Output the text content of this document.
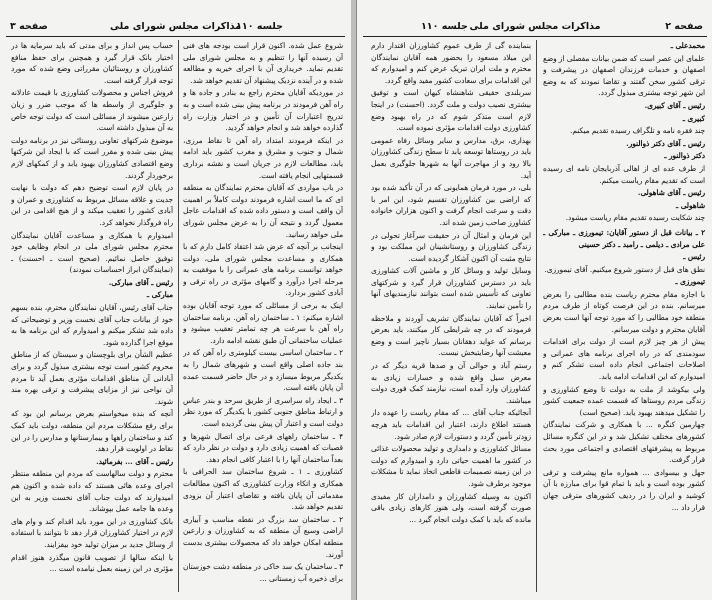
صفحه ۳	مذاکرات مجلس شورای ملی
جلسه ۱۱۰

شروع عمل شده. اکنون قرار است بودجه های فنی آن رسیده آنها را تنظیم و به مجلس شورای ملی تقدیم نماید. خریداری آن با اجرای خیریه و مطالعه شده و در آینده نزدیک پیشنهاد آن تقدیم خواهد شد.

در موردیکه آقایان محترم راجع به بنادر و جاده ها و راه آهن فرمودند در برنامه پیش بینی شده است و به تدریج اعتبارات آن تأمین و در اختیار وزارت راه گذارده خواهد شد و انجام خواهد گردید.

در اینکه فرمودند امتداد راه آهن تا نقاط مرزی، شمال و جنوب و مشرق و مغرب کشور باید ادامه یابد، مطالعات لازم در جریان است و نقشه برداری قسمتهایی انجام یافته است.

در باب مواردی که آقایان محترم نمایندگان به منطقه ای که ما است اشاره فرمودند دولت کاملاً بر اهمیت آن واقف است و دستور داده شده که اقدامات عاجل معمول گردد و نتیجه آن را به عرض مجلس شورای ملی خواهد رسانید.

اینجانب بر آنچه که عرض شد اعتقاد کامل دارم که با همکاری و مساعدت مجلس شورای ملی، دولت خواهد توانست برنامه های عمرانی را با موفقیت به مرحله اجرا درآورد و گامهای مؤثری در راه ترقی و آبادی کشور بردارد.

اینک به برخی از مسائلی که مورد توجه آقایان بوده اشاره میکنم: ۱ ـ ساختمان راه آهن. برنامه ساختمان راه آهن با سرعت هر چه تمامتر تعقیب میشود و عملیات ساختمانی آن طبق نقشه ادامه دارد.

۲ ـ ساختمان اساسی بیست کیلومتری راه آهن که در بند جاده اصلی واقع است و شهرهای شمال را به یکدیگر مربوط میسازد و در حال حاضر قسمت عمده آن پایان یافته است.

۳ ـ ایجاد راه سراسری از طریق سرحد و بندر عباس و ارتباط مناطق جنوبی کشور با یکدیگر که مورد نظر دولت است و اعتبار آن پیش بینی گردیده است.

۴ ـ ساختمان راههای فرعی برای اتصال شهرها و قصبات که اهمیت زیادی دارد و دولت در نظر دارد که بعداً ساختمان آنها را با اعتبار کافی انجام دهد.

کشاورزی ـ ۱ ـ شروع ساختمان سد الحرافی با همکاری و اتکاء وزارت کشاورزی که اکنون مطالعات مقدماتی آن پایان یافته و تقاضای اعتبار آن بزودی تقدیم خواهد شد.

۲ ـ ساختمان سد بزرگ در نقطه مناسب و آبیاری اراضی وسیع آن منطقه که به کشاورزان و زارعین منطقه امکان خواهد داد که محصولات بیشتری بدست آورند.

۳ ـ ساختمان یک سد خاکی در منطقه دشت خوزستان برای ذخیره آب زمستانی ...

حساب پس انداز و برای مدتی که باید سرمایه ها در اختیار بانک قرار گیرد و همچنین برای حفظ منافع کشاورزان و روستائیان مقرراتی وضع شده که مورد توجه قرار گرفته است.

فروش اجناس و محصولات کشاورزی با قیمت عادلانه و جلوگیری از واسطه ها که موجب ضرر و زیان زارعین میشوند از مسائلی است که دولت توجه خاص به آن مبذول داشته است.

موضوع شرکتهای تعاونی روستائی نیز در برنامه دولت پیش بینی شده و مقرر است که با ایجاد این شرکتها وضع اقتصادی کشاورزان بهبود یابد و از کمکهای لازم برخوردار گردند.

در پایان لازم است توضیح دهم که دولت با نهایت جدیت و علاقه مسائل مربوط به کشاورزی و عمران و آبادی کشور را تعقیب میکند و از هیچ اقدامی در این راه فروگذار نخواهد کرد.

امیدوارم با همکاری و مساعدت آقایان نمایندگان محترم مجلس شورای ملی در انجام وظایف خود توفیق حاصل نمائیم. (صحیح است ـ احسنت) ـ (نمایندگان ابراز احساسات نمودند)

رئیس ـ آقای مبارکی.

مبارکی ـ

جناب آقای رئیس، آقایان نمایندگان محترم، بنده بسهم خود از بیانات جناب آقای نخست وزیر و توضیحاتی که داده شد تشکر میکنم و امیدوارم که این برنامه ها به موقع اجرا گذارده شود.

عظیم الشأن برای بلوچستان و سیستان که از مناطق محروم کشور است توجه بیشتری مبذول گردد و برای آبادانی آن مناطق اقدامات مؤثری بعمل آید تا مردم آن نواحی نیز از مزایای پیشرفت و ترقی بهره مند شوند.

آنچه که بنده میخواستم بعرض برسانم این بود که برای رفع مشکلات مردم این منطقه، دولت باید کمک کند و ساختمان راهها و بیمارستانها و مدارس را در این نقاط در اولویت قرار دهد.

رئیس ـ آقای ... بفرمائید.

محترم و دولت سالهاست که مردم این منطقه منتظر اجرای وعده هائی هستند که داده شده و اکنون هم امیدوارند که دولت جناب آقای نخست وزیر به این وعده ها جامه عمل بپوشاند.

بانک کشاورزی در این مورد باید اقدام کند و وام های لازم در اختیار کشاورزان قرار دهد تا بتوانند با استفاده از وسائل جدید بر میزان تولید خود بیفزایند.

با اینکه سالها از تصویب قانون میگذرد هنوز اقدام مؤثری در این زمینه بعمل نیامده است ...

صفحه ۲
مذاکرات مجلس شورای ملی
جلسه ۱۱۰

محمدعلی ـ

علمای این عصر است که ضمن بیانات مفصلی از وضع اصفهان و خدمات فرزندان اصفهان در پیشرفت و ترقی کشور سخن گفتند و تقاضا نمودند که به وضع این شهر توجه بیشتری مبذول گردد.

رئیس ـ آقای کبیری.

کبیری ـ

چند فقره نامه و تلگراف رسیده تقدیم میکنم.

رئیس ـ آقای دکتر ذوالنور.

دکتر ذوالنور ـ

از طرف عده ای از اهالی آذربایجان نامه ای رسیده است که تقدیم مقام ریاست میکنم.

رئیس ـ آقای شاهولی.

شاهولی ـ

چند شکایت رسیده تقدیم مقام ریاست میشود.

۲ ـ بیانات قبل از دستور آقایان: تیمورزی ـ مبارکی ـ علی مرادی ـ دیلمی ـ رامبد ـ دکتر حسینی

رئیس ـ

نطق های قبل از دستور شروع میکنیم. آقای تیمورزی.

تیمورزی ـ

با اجازه مقام محترم ریاست بنده مطالبی را بعرض میرسانم. بنده در این فرصت کوتاه از طرف مردم منطقه خود مطالبی را که مورد توجه آنها است بعرض آقایان محترم و دولت میرسانم.

پیش از هر چیز لازم است از دولت برای اقدامات سودمندی که در راه اجرای برنامه های عمرانی و اصلاحات اجتماعی انجام داده است تشکر کنم و امیدوارم که این اقدامات ادامه یابد.

ولی بیکوشد از ملت به دولت تا وضع کشاورزی و زندگی مردم روستاها که قسمت عمده جمعیت کشور را تشکیل میدهند بهبود یابد. (صحیح است)

چهارمین کنگره ... با همکاری و شرکت نمایندگان کشورهای مختلف تشکیل شد و در این کنگره مسائل مربوط به پیشرفتهای اقتصادی و اجتماعی مورد بحث قرار گرفت.

جهل و بیسوادی ... همواره مانع پیشرفت و ترقی کشور بوده است و باید با تمام قوا برای مبارزه با آن کوشید و ایران را در ردیف کشورهای مترقی جهان قرار داد ...

بنماینده گی از طرف عموم کشاورزان اقتدار دارم این میلاد مسعود را بحضور همه آقایان نمایندگان محترم و ملت ایران تبریک عرض کنم و امیدوارم که این اقدامات برای سعادت کشور مفید واقع گردد.

سربلندی حقیقی شاهنشاه کیهان است و توفیق بیشتری نصیب دولت و ملت گردد. (احسنت) در اینجا لازم است متذکر شوم که در راه بهبود وضع کشاورزی دولت اقدامات مؤثری نموده است.

بهداری، برق، مدارس و سایر وسائل رفاه عمومی باید در روستاها توسعه یابد تا سطح زندگی کشاورزان بالا رود و از مهاجرت آنها به شهرها جلوگیری بعمل آید.

بلی، در مورد فرمان همایونی که در آن تأکید شده بود که اراضی بین کشاورزان تقسیم شود، این امر با دقت و سرعت انجام گرفت و اکنون هزاران خانواده کشاورز صاحب زمین شده اند.

این فرمان و امثال آن در حقیقت سرآغاز تحولی در زندگی کشاورزان و روستانشینان این مملکت بود و نتایج مثبت آن اکنون آشکار گردیده است.

وسایل تولید و وسائل کار و ماشین آلات کشاورزی باید در دسترس کشاورزان قرار گیرد و شرکتهای تعاونی که تأسیس شده است بتوانند نیازمندیهای آنها را تأمین نمایند.

اخیراً که آقایان نمایندگان تشریف آوردند و ملاحظه فرمودند که در چه شرایطی کار میکنند، باید بعرض برسانم که عواید دهقانان بسیار ناچیز است و وضع معیشت آنها رضایتبخش نیست.

رستم آباد و حوالی آن و صدها قریه دیگر که در معرض سیل واقع شده و خسارات زیادی به کشاورزان وارد آمده است، نیازمند کمک فوری دولت میباشند.

آنجائیکه جناب آقای ... که مقام ریاست را عهده دار هستند اطلاع دارند، اعتبار این اقدامات باید هرچه زودتر تأمین گردد و دستورات لازم صادر شود.

مسائل کشاورزی و دامداری و تولید محصولات غذائی در کشور ما اهمیت حیاتی دارد و امیدوارم که دولت در این زمینه تصمیمات قاطعی اتخاذ نماید تا مشکلات موجود برطرف شود.

اکنون به وسیله کشاورزان و دامداران کار مفیدی صورت گرفته است، ولی هنوز کارهای زیادی باقی مانده که باید با کمک دولت انجام گیرد ...
